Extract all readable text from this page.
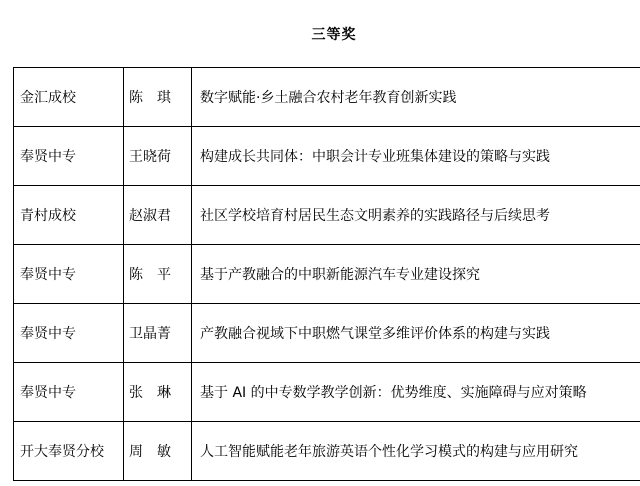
三等奖
金汇成校	陈　琪	数字赋能·乡土融合农村老年教育创新实践
奉贤中专	王晓荷	构建成长共同体：中职会计专业班集体建设的策略与实践
青村成校	赵淑君	社区学校培育村居民生态文明素养的实践路径与后续思考
奉贤中专	陈　平	基于产教融合的中职新能源汽车专业建设探究
奉贤中专	卫晶菁	产教融合视域下中职燃气课堂多维评价体系的构建与实践
奉贤中专	张　琳	基于 AI 的中专数学教学创新：优势维度、实施障碍与应对策略
开大奉贤分校	周　敏	人工智能赋能老年旅游英语个性化学习模式的构建与应用研究
